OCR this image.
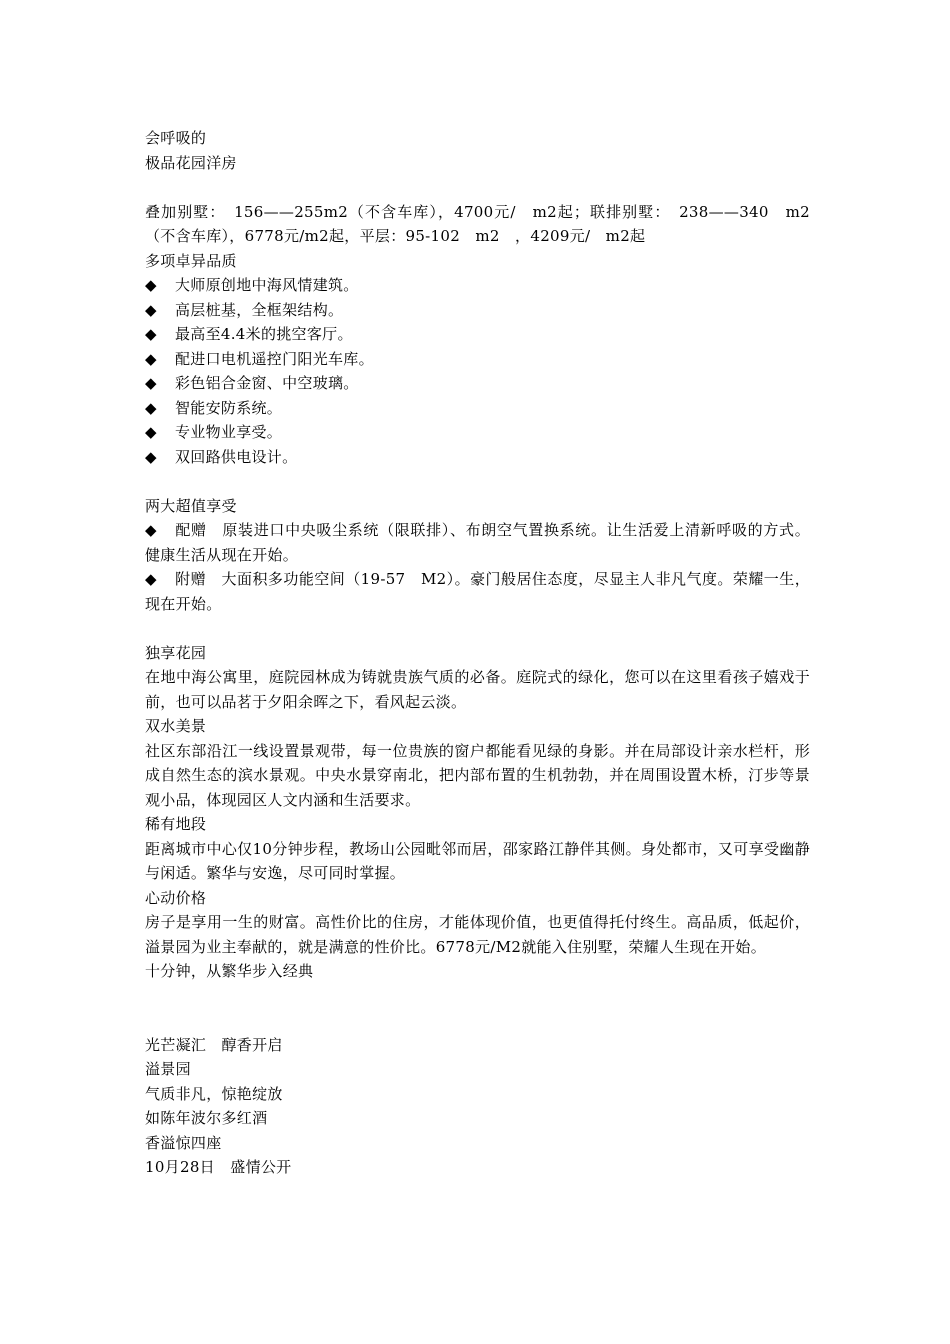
会呼吸的
极品花园洋房
叠加别墅：　156——255m2（不含车库），4700元/　m2起；联排别墅：　238——340　m2（不含车库），6778元/m2起，平层：95-102　m2　，4209元/　m2起
多项卓异品质
◆ 大师原创地中海风情建筑。
◆ 高层桩基，全框架结构。
◆ 最高至4.4米的挑空客厅。
◆ 配进口电机遥控门阳光车库。
◆ 彩色铝合金窗、中空玻璃。
◆ 智能安防系统。
◆ 专业物业享受。
◆ 双回路供电设计。
两大超值享受
◆ 配赠　原装进口中央吸尘系统（限联排）、布朗空气置换系统。让生活爱上清新呼吸的方式。健康生活从现在开始。
◆ 附赠　大面积多功能空间（19-57　M2）。豪门般居住态度，尽显主人非凡气度。荣耀一生，现在开始。
独享花园
在地中海公寓里，庭院园林成为铸就贵族气质的必备。庭院式的绿化，您可以在这里看孩子嬉戏于前，也可以品茗于夕阳余晖之下，看风起云淡。
双水美景
社区东部沿江一线设置景观带，每一位贵族的窗户都能看见绿的身影。并在局部设计亲水栏杆，形成自然生态的滨水景观。中央水景穿南北，把内部布置的生机勃勃，并在周围设置木桥，汀步等景观小品，体现园区人文内涵和生活要求。
稀有地段
距离城市中心仅10分钟步程，教场山公园毗邻而居，邵家路江静伴其侧。身处都市，又可享受幽静与闲适。繁华与安逸，尽可同时掌握。
心动价格
房子是享用一生的财富。高性价比的住房，才能体现价值，也更值得托付终生。高品质，低起价，溢景园为业主奉献的，就是满意的性价比。6778元/M2就能入住别墅，荣耀人生现在开始。
十分钟，从繁华步入经典
光芒凝汇　醇香开启
溢景园
气质非凡，惊艳绽放
如陈年波尔多红酒
香溢惊四座
10月28日　盛情公开
